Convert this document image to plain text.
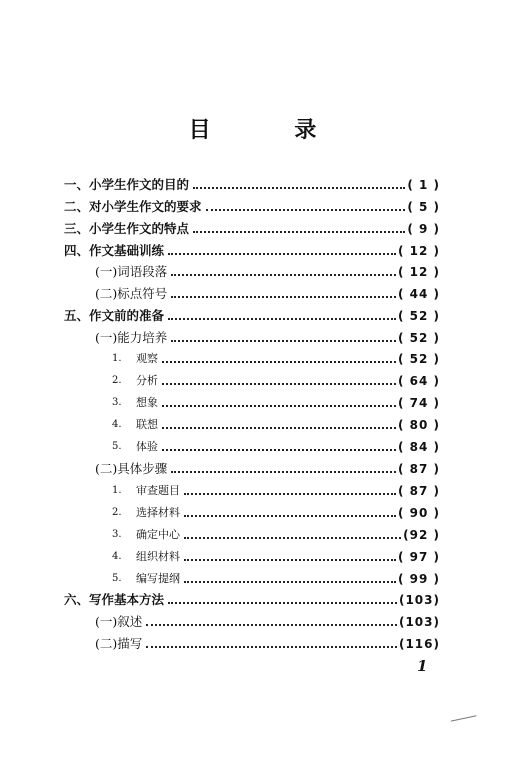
目 录
一、小学生作文的目的	( 1 )
二、对小学生作文的要求	( 5 )
三、小学生作文的特点	( 9 )
四、作文基础训练	( 12 )
(一)词语段落	( 12 )
(二)标点符号	( 44 )
五、作文前的准备	( 52 )
(一)能力培养	( 52 )
1.	观察	( 52 )
2.	分析	( 64 )
3.	想象	( 74 )
4.	联想	( 80 )
5.	体验	( 84 )
(二)具体步骤	( 87 )
1.	审查题目	( 87 )
2.	选择材料	( 90 )
3.	确定中心	(92 )
4.	组织材料	( 97 )
5.	编写提纲	( 99 )
六、写作基本方法	(103)
(一)叙述	(103)
(二)描写	(116)
1
